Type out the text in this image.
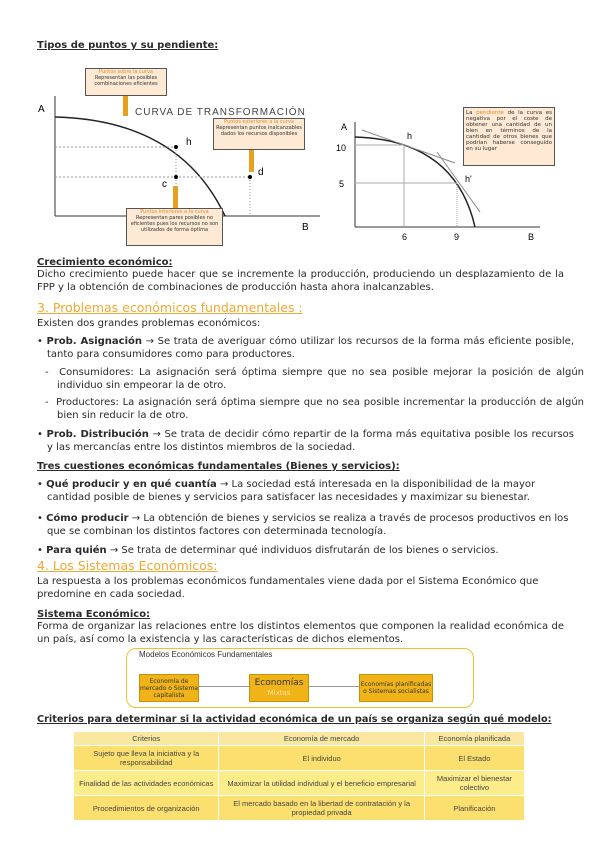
Tipos de puntos y su pendiente:
A
B
CURVA DE TRANSFORMACIÓN
h
c
d
Puntos sobre la curva
Representan las posibles combinaciones eficientes
Puntos exteriores a la curva
Representan puntos inalcanzables dados los recursos disponibles
Puntos interiores a la curva
Representan pares posibles no eficientes pues los recursos no son utilizados de forma óptima
A
B
10
5
6	9
h
h'
La pendiente de la curva es negativa por el coste de obtener una cantidad de un bien en términos de la cantidad de otros bienes que podrían haberse conseguido en su lugar
Crecimiento económico:
Dicho crecimiento puede hacer que se incremente la producción, produciendo un desplazamiento de la FPP y la obtención de combinaciones de producción hasta ahora inalcanzables.
3. Problemas económicos fundamentales :
Existen dos grandes problemas económicos:
• Prob. Asignación → Se trata de averiguar cómo utilizar los recursos de la forma más eficiente posible, tanto para consumidores como para productores.
-  Consumidores: La asignación será óptima siempre que no sea posible mejorar la posición de algún individuo sin empeorar la de otro.
-  Productores: La asignación será óptima siempre que no sea posible incrementar la producción de algún bien sin reducir la de otro.
• Prob. Distribución → Se trata de decidir cómo repartir de la forma más equitativa posible los recursos y las mercancías entre los distintos miembros de la sociedad.
Tres cuestiones económicas fundamentales (Bienes y servicios):
• Qué producir y en qué cuantía → La sociedad está interesada en la disponibilidad de la mayor cantidad posible de bienes y servicios para satisfacer las necesidades y maximizar su bienestar.
• Cómo producir → La obtención de bienes y servicios se realiza a través de procesos productivos en los que se combinan los distintos factores con determinada tecnología.
• Para quién → Se trata de determinar qué individuos disfrutarán de los bienes o servicios.
4. Los Sistemas Económicos:
La respuesta a los problemas económicos fundamentales viene dada por el Sistema Económico que predomine en cada sociedad.
Sistema Económico:
Forma de organizar las relaciones entre los distintos elementos que componen la realidad económica de un país, así como la existencia y las características de dichos elementos.
Modelos Económicos Fundamentales
Economía de mercado o Sistema capitalista
Economías
Mixtas
Economías planificadas o Sistemas socialistas
Criterios para determinar si la actividad económica de un país se organiza según qué modelo:
Criterios	Economía de mercado	Economía planificada
Sujeto que lleva la iniciativa y la responsabilidad	El individuo	El Estado
Finalidad de las actividades económicas	Maximizar la utilidad individual y el beneficio empresarial	Maximizar el bienestar colectivo
Procedimientos de organización	El mercado basado en la libertad de contratación y la propiedad privada	Planificación
